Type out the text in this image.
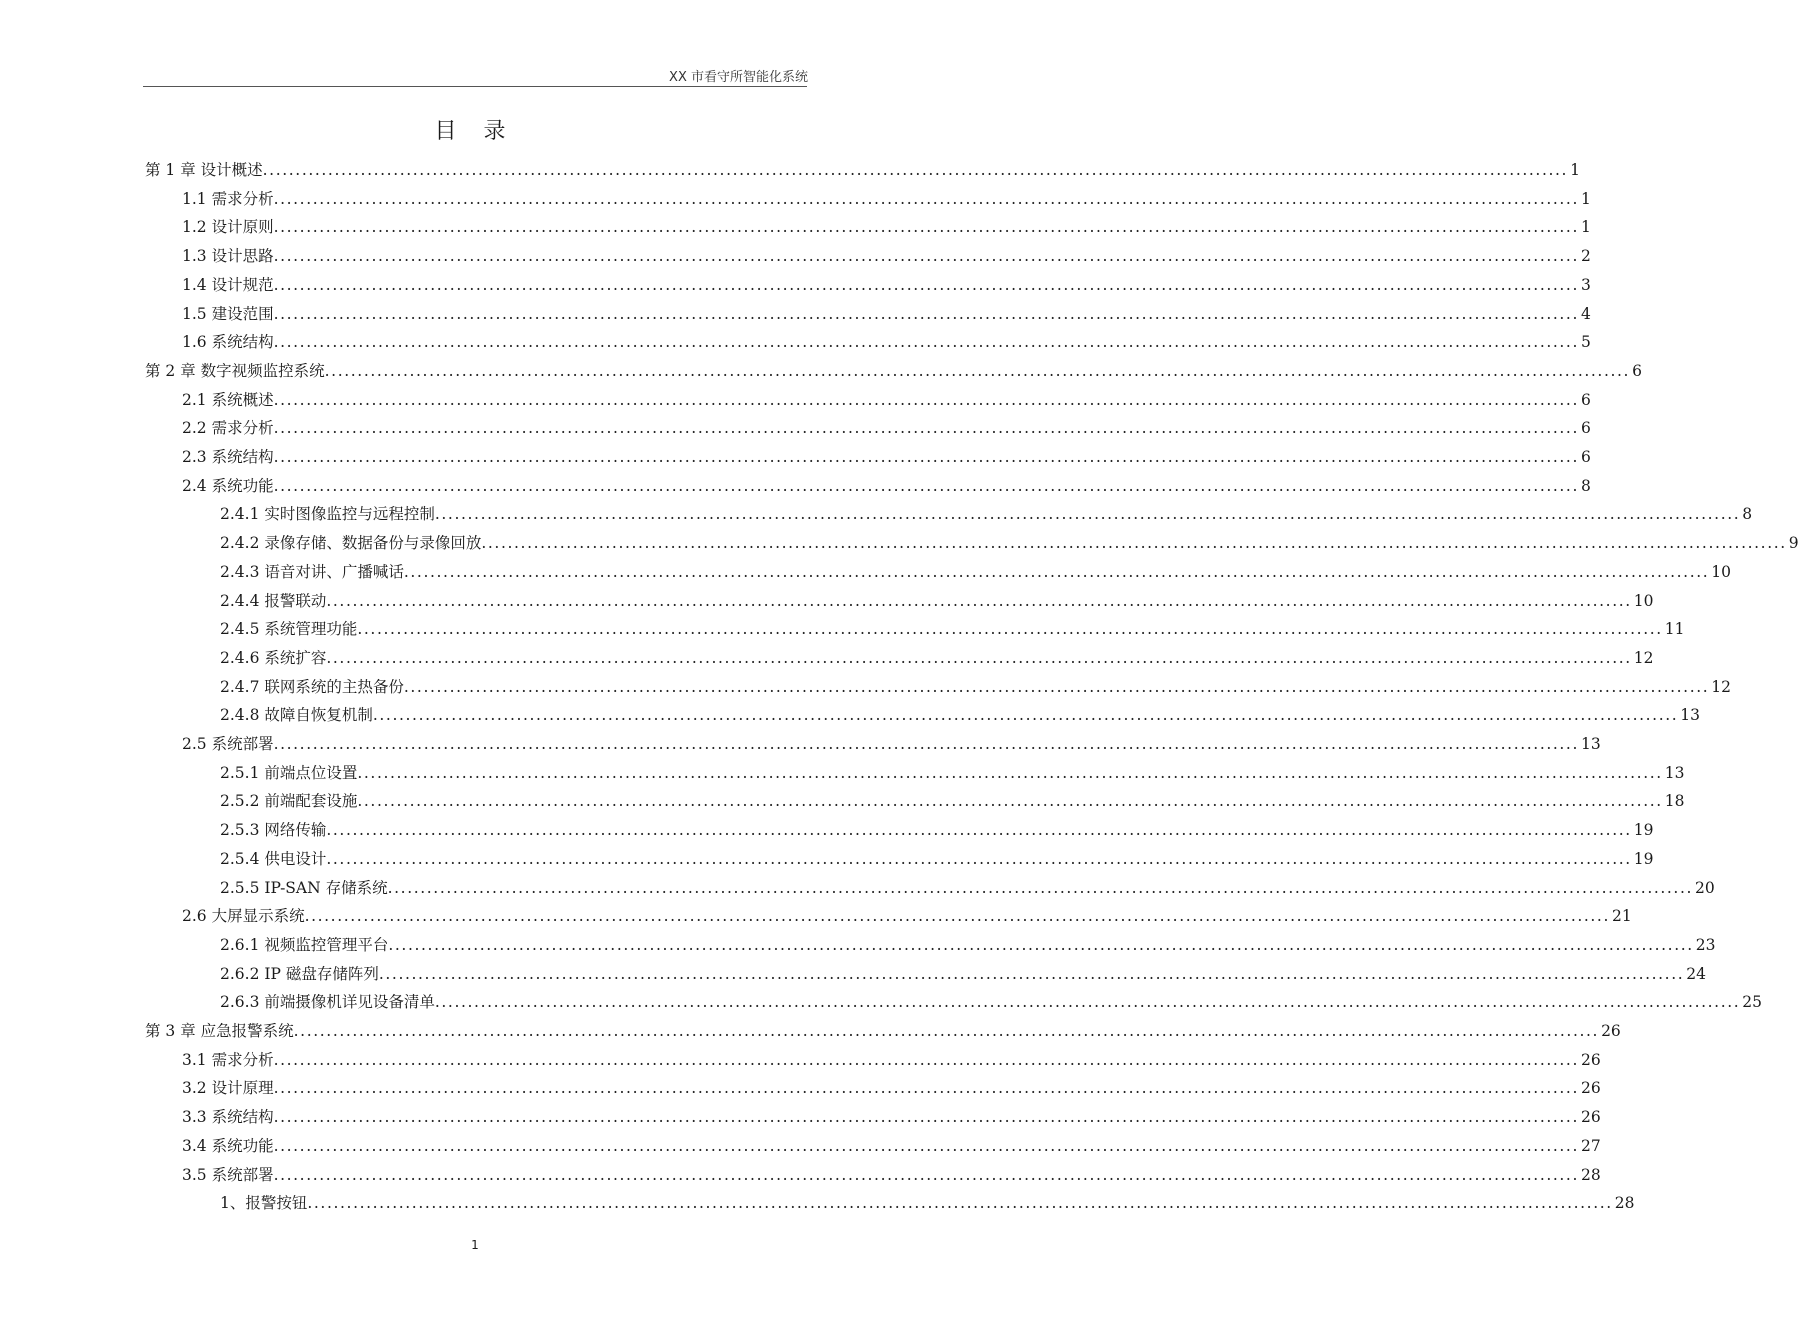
XX 市看守所智能化系统
目 录
第 1 章 设计概述 ........................................................................................................................................................................................................ 1
1.1 需求分析 ........................................................................................................................................................................................................ 1
1.2 设计原则 ........................................................................................................................................................................................................ 1
1.3 设计思路 ........................................................................................................................................................................................................ 2
1.4 设计规范 ........................................................................................................................................................................................................ 3
1.5 建设范围 ........................................................................................................................................................................................................ 4
1.6 系统结构 ........................................................................................................................................................................................................ 5
第 2 章 数字视频监控系统 ........................................................................................................................................................................................................ 6
2.1 系统概述 ........................................................................................................................................................................................................ 6
2.2 需求分析 ........................................................................................................................................................................................................ 6
2.3 系统结构 ........................................................................................................................................................................................................ 6
2.4 系统功能 ........................................................................................................................................................................................................ 8
2.4.1 实时图像监控与远程控制 ........................................................................................................................................................................................................ 8
2.4.2 录像存储、数据备份与录像回放 ........................................................................................................................................................................................................ 9
2.4.3 语音对讲、广播喊话 ........................................................................................................................................................................................................ 10
2.4.4 报警联动 ........................................................................................................................................................................................................ 10
2.4.5 系统管理功能 ........................................................................................................................................................................................................ 11
2.4.6 系统扩容 ........................................................................................................................................................................................................ 12
2.4.7 联网系统的主热备份 ........................................................................................................................................................................................................ 12
2.4.8 故障自恢复机制 ........................................................................................................................................................................................................ 13
2.5 系统部署 ........................................................................................................................................................................................................ 13
2.5.1 前端点位设置 ........................................................................................................................................................................................................ 13
2.5.2 前端配套设施 ........................................................................................................................................................................................................ 18
2.5.3 网络传输 ........................................................................................................................................................................................................ 19
2.5.4 供电设计 ........................................................................................................................................................................................................ 19
2.5.5 IP-SAN 存储系统 ........................................................................................................................................................................................................ 20
2.6 大屏显示系统 ........................................................................................................................................................................................................ 21
2.6.1 视频监控管理平台 ........................................................................................................................................................................................................ 23
2.6.2 IP 磁盘存储阵列 ........................................................................................................................................................................................................ 24
2.6.3 前端摄像机详见设备清单 ........................................................................................................................................................................................................ 25
第 3 章 应急报警系统 ........................................................................................................................................................................................................ 26
3.1 需求分析 ........................................................................................................................................................................................................ 26
3.2 设计原理 ........................................................................................................................................................................................................ 26
3.3 系统结构 ........................................................................................................................................................................................................ 26
3.4 系统功能 ........................................................................................................................................................................................................ 27
3.5 系统部署 ........................................................................................................................................................................................................ 28
1、报警按钮 ........................................................................................................................................................................................................ 28
1
